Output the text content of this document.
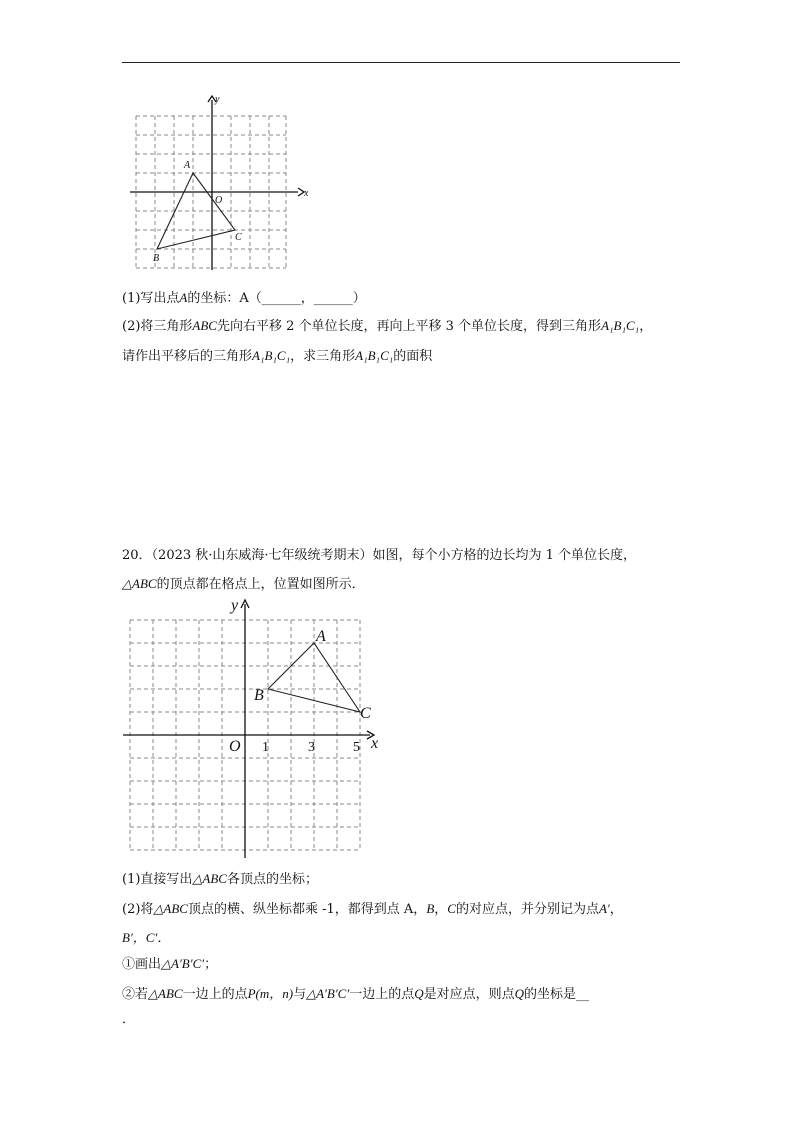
x
y
O
A
B
C
(1)写出点A的坐标：A（______，______）
(2)将三角形ABC先向右平移 2 个单位长度，再向上平移 3 个单位长度，得到三角形A₁B₁C₁，
请作出平移后的三角形A₁B₁C₁，求三角形A₁B₁C₁的面积
20．（2023 秋·山东威海·七年级统考期末）如图，每个小方格的边长均为 1 个单位长度，
△ABC的顶点都在格点上，位置如图所示．
x
y
O 1	3	5
A
B
C
(1)直接写出△ABC各顶点的坐标；
(2)将△ABC顶点的横、纵坐标都乘 -1，都得到点 A，B，C的对应点，并分别记为点A′，
B′，C′．
①画出△A′B′C′；
②若△ABC一边上的点P(m，n)与△A′B′C′一边上的点Q是对应点，则点Q的坐标是__
．
